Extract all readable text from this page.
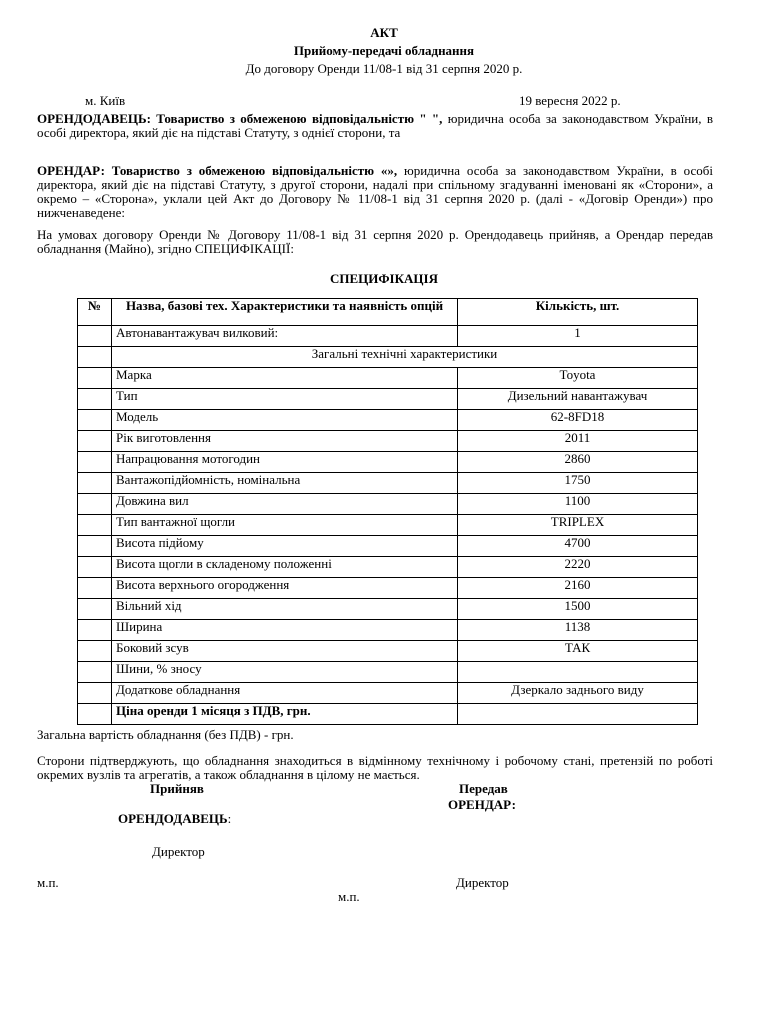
АКТ
Прийому-передачі обладнання
До договору Оренди 11/08-1 від 31 серпня 2020 р.
м. Київ	19 вересня 2022 р.
ОРЕНДОДАВЕЦЬ: Товариство з обмеженою відповідальністю " ", юридична особа за законодавством України, в особі директора, який діє на підставі Статуту, з однієї сторони, та
ОРЕНДАР: Товариство з обмеженою відповідальністю «», юридична особа за законодавством України, в особі директора, який діє на підставі Статуту, з другої сторони, надалі при спільному згадуванні іменовані як «Сторони», а окремо – «Сторона», уклали цей Акт до Договору № 11/08-1 від 31 серпня 2020 р. (далі - «Договір Оренди») про нижченаведене:
На умовах договору Оренди № Договору 11/08-1 від 31 серпня 2020 р. Орендодавець прийняв, а Орендар передав обладнання (Майно), згідно СПЕЦИФІКАЦІЇ:
СПЕЦИФІКАЦІЯ
№	Назва, базові тех. Характеристики та наявність опцій	Кількість, шт.
	Автонавантажувач вилковий:	1
	Загальні технічні характеристики	
	Марка	Toyota
	Тип	Дизельний навантажувач
	Модель	62-8FD18
	Рік виготовлення	2011
	Напрацювання мотогодин	2860
	Вантажопідйомність, номінальна	1750
	Довжина вил	1100
	Тип вантажної щогли	TRIPLEX
	Висота підйому	4700
	Висота щогли в складеному положенні	2220
	Висота верхнього огородження	2160
	Вільний хід	1500
	Ширина	1138
	Боковий зсув	ТАК
	Шини, % зносу	
	Додаткове обладнання	Дзеркало заднього виду
	Ціна оренди 1 місяця з ПДВ, грн.	
Загальна вартість обладнання (без ПДВ) - грн.
Сторони підтверджують, що обладнання знаходиться в відмінному технічному і робочому стані, претензій по роботі окремих вузлів та агрегатів, а також обладнання в цілому не мається.
Прийняв	Передав
ОРЕНДАР:
ОРЕНДОДАВЕЦЬ:
Директор
м.п.	Директор
м.п.
